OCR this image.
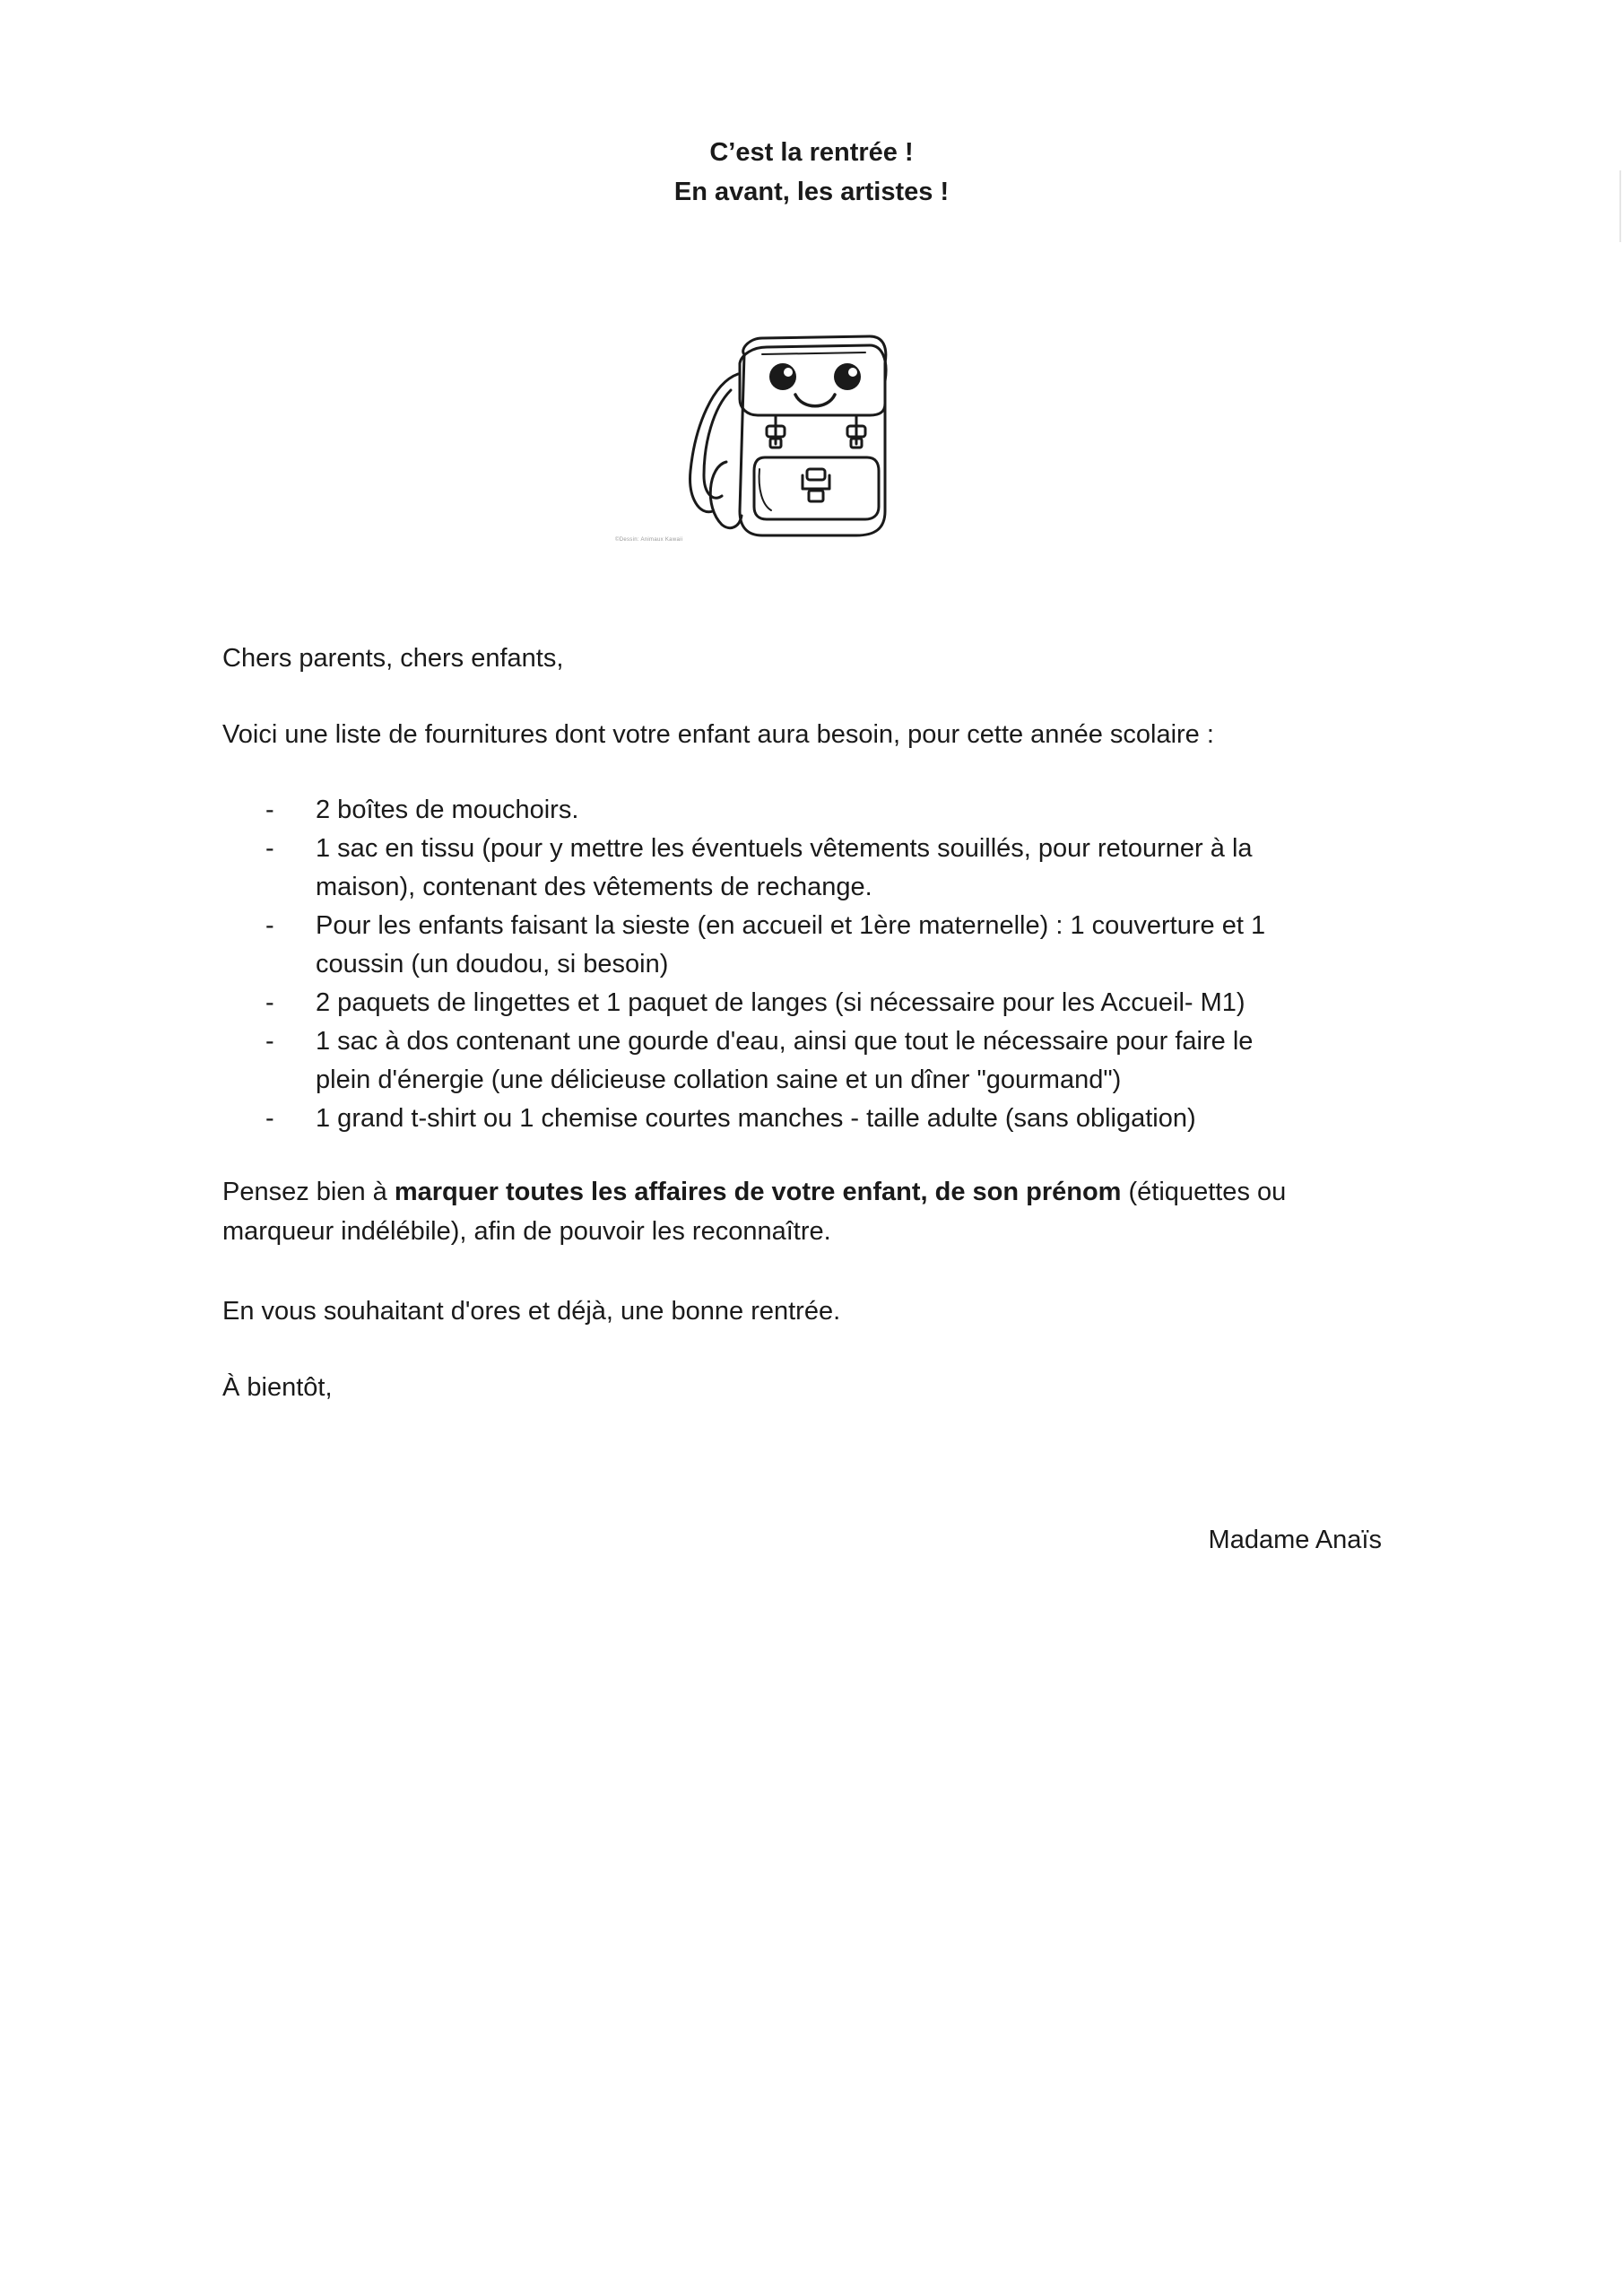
C’est la rentrée !
En avant, les artistes !
©Dessin: Animaux Kawaii
Chers parents, chers enfants,
Voici une liste de fournitures dont votre enfant aura besoin, pour cette année scolaire :
- 2 boîtes de mouchoirs.
- 1 sac en tissu (pour y mettre les éventuels vêtements souillés, pour retourner à la
maison), contenant des vêtements de rechange.
- Pour les enfants faisant la sieste (en accueil et 1ère maternelle) : 1 couverture et 1
coussin (un doudou, si besoin)
- 2 paquets de lingettes et 1 paquet de langes (si nécessaire pour les Accueil- M1)
- 1 sac à dos contenant une gourde d'eau, ainsi que tout le nécessaire pour faire le
plein d'énergie (une délicieuse collation saine et un dîner "gourmand")
- 1 grand t-shirt ou 1 chemise courtes manches - taille adulte (sans obligation)
Pensez bien à marquer toutes les affaires de votre enfant, de son prénom (étiquettes ou
marqueur indélébile), afin de pouvoir les reconnaître.
En vous souhaitant d'ores et déjà, une bonne rentrée.
À bientôt,
Madame Anaïs
